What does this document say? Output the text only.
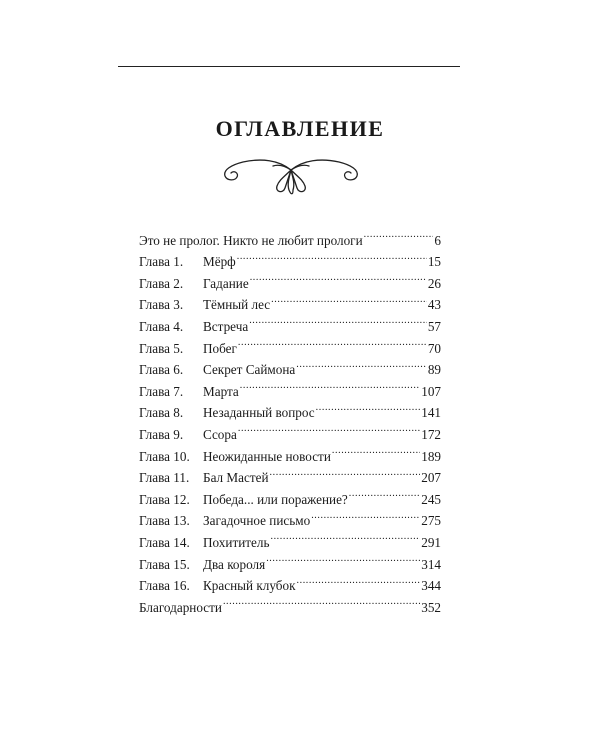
ОГЛАВЛЕНИЕ
Это не пролог. Никто не любит прологи .....	6
Глава 1.	Мёрф .....	15
Глава 2.	Гадание .....	26
Глава 3.	Тёмный лес .....	43
Глава 4.	Встреча .....	57
Глава 5.	Побег .....	70
Глава 6.	Секрет Саймона .....	89
Глава 7.	Марта .....	107
Глава 8.	Незаданный вопрос .....	141
Глава 9.	Ссора .....	172
Глава 10.	Неожиданные новости .....	189
Глава 11.	Бал Мастей .....	207
Глава 12.	Победа... или поражение? .....	245
Глава 13.	Загадочное письмо .....	275
Глава 14.	Похититель .....	291
Глава 15.	Два короля .....	314
Глава 16.	Красный клубок .....	344
Благодарности .....	352
